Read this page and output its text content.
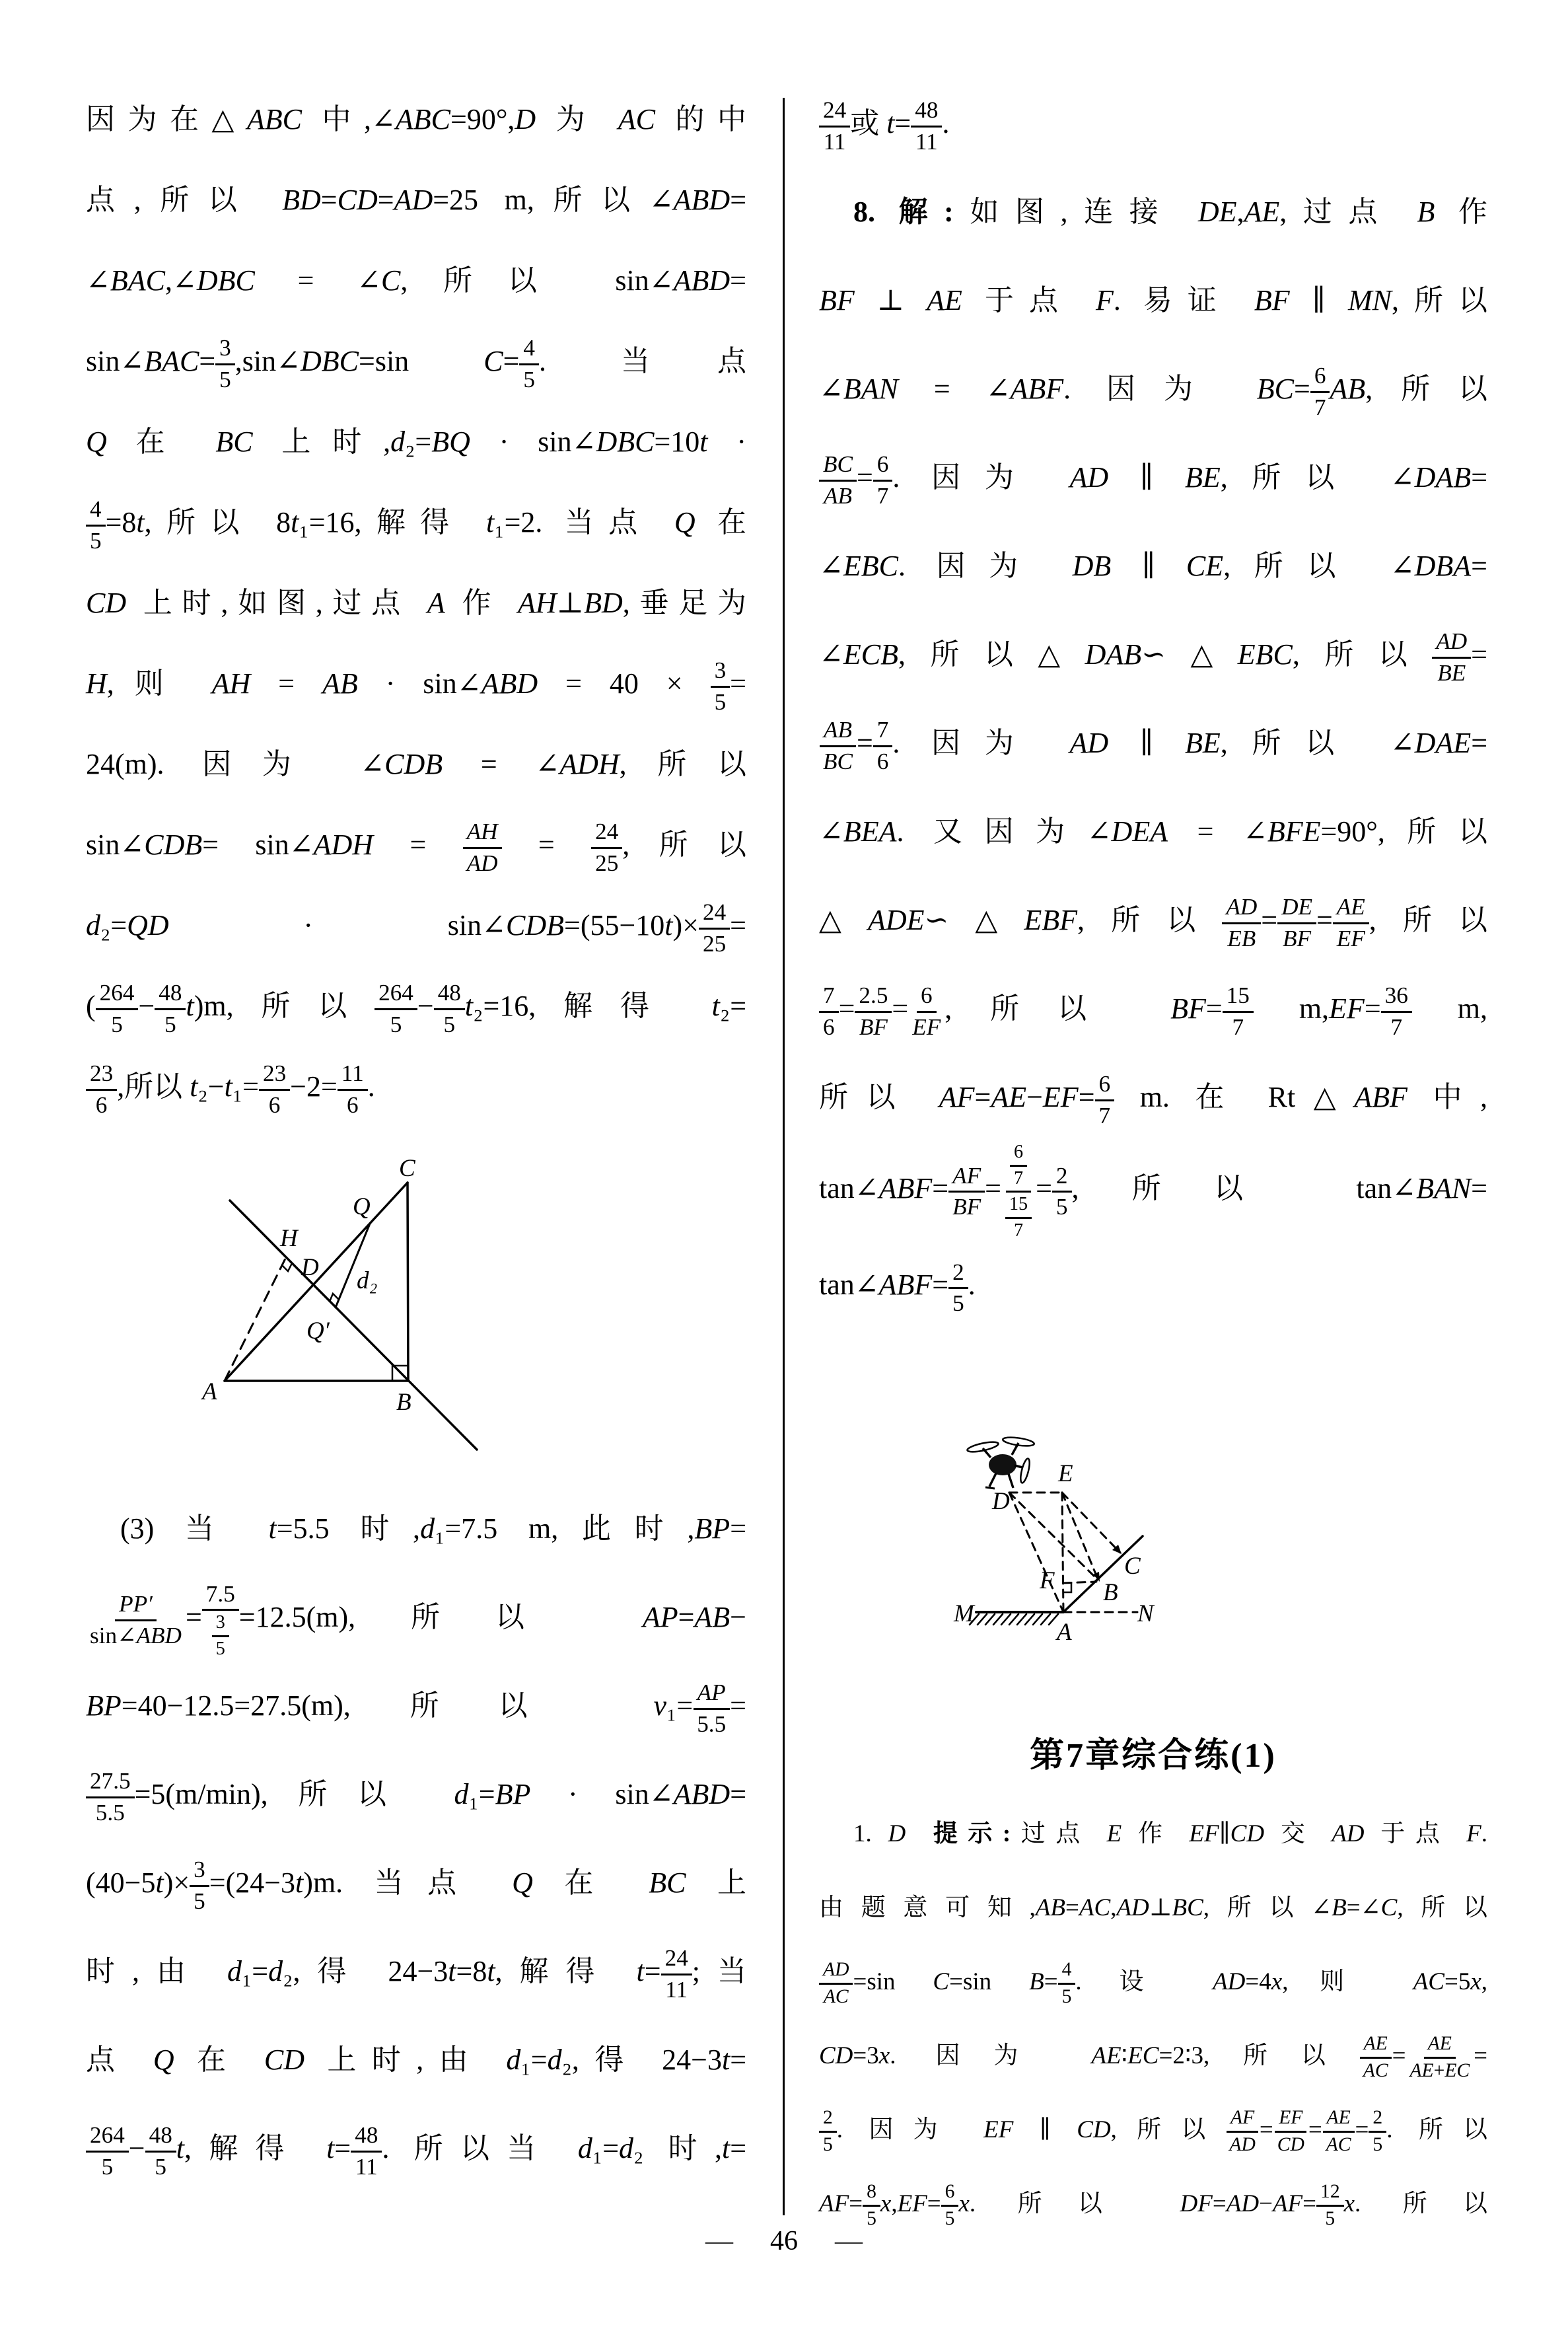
因为在△ABC 中,∠ABC=90°,D 为 AC 的中
点,所以 BD=CD=AD=25 m,所以∠ABD=
∠BAC,∠DBC = ∠C,所以 sin∠ABD=
sin∠BAC= $\frac{3}{5}$ ,sin∠DBC=sin	$C= \frac{4}{5}$ . 当点
Q 在 BC 上时,d₂=BQ · sin∠DBC=10t ·
$\frac{4}{5} =8t$,所以 8t₁=16,解得 t₁=2. 当点 Q 在
CD 上时,如图,过点 A 作 AH⊥BD,垂足为
H,则 AH = AB · sin∠ABD = $40 \times \frac{3}{5}$ =
24(m). 因为 ∠CDB = ∠ADH,所以
sin∠CDB= sin∠ADH = $\frac{AH}{AD} = \frac{24}{25}$ ,所以
d₂=QD · sin∠CDB=(55−10t)× $\frac{24}{25}$ =
( $\frac{264}{5} - \frac{48}{5} t)m$,所以 $\frac{264}{5} - \frac{48}{5} t_2=16$,解得 t₂=
$\frac{23}{6}$ ,所以 $t_2-t_1= \frac{23}{6} -2= \frac{11}{6}$ .
A	B
C
Q
H
D d₂
Q′
(3) 当 t=5.5 时,d₁=7.5 m,此时,BP=
$\frac{PP'}{\text{sin∠ABD}} = \frac{7.5}{\frac{3}{5}} =12.5(m)$,所以 AP=AB−
BP=40−12.5=27.5(m),所以 $v_1= \frac{AP}{5.5}$ =
$\frac{27.5}{5.5} =5(m/\min)$,所以 d₁=BP · sin∠ABD=
$(40-5t)\times \frac{3}{5} =(24-3t)m$. 当点 Q 在 BC 上
时,由 d₁=d₂,得 24−3t=8t,解得 $t= \frac{24}{11}$ ;当
点 Q 在 CD 上时,由 d₁=d₂,得 24−3t=
$\frac{264}{5} - \frac{48}{5} t$,解得 $t= \frac{48}{11}$ . 所以当 d₁=d₂ 时,t=
$\frac{24}{11}$ 或 $t= \frac{48}{11}$ .
8. 解:如图,连接 DE,AE,过点 B 作
BF ⊥ AE 于点 F. 易证 BF ∥ MN,所以
∠BAN = ∠ABF. 因为 $BC= \frac{6}{7}$ AB,所以
$\frac{BC}{AB} = \frac{6}{7}$ . 因为 AD ∥ BE,所以 ∠DAB=
∠EBC. 因为 DB ∥ CE,所以 ∠DBA=
∠ECB,所以△DAB∽△EBC,所以 $\frac{AD}{BE}$ =
$\frac{AB}{BC} = \frac{7}{6}$ . 因为 AD ∥ BE,所以 ∠DAE=
∠BEA. 又因为∠DEA = ∠BFE=90°,所以
△ADE∽△EBF,所以 $\frac{AD}{EB} = \frac{DE}{BF} = \frac{AE}{EF}$ ,所以
$\frac{7}{6} = \frac{2.5}{BF} = \frac{6}{EF}$ ,所以 $BF= \frac{15}{7} m,EF= \frac{36}{7} m$,
所以 $AF=AE-EF= \frac{6}{7} m$. 在 Rt△ABF 中,
tan∠ABF= $\frac{AF}{BF} = \frac{\frac{6}{7}}{\frac{15}{7}} = \frac{2}{5}$ ,所以 tan∠BAN=
tan∠ABF= $\frac{2}{5}$ .
M
A
N
D
E
F B
C
第7章综合练(1)
1. D 提示:过点 E 作 EF∥CD 交 AD 于点 F.
由题意可知,AB=AC,AD⊥BC,所以∠B=∠C,所以
$\frac{AD}{AC} =\sin$ C=sin $B= \frac{4}{5}$ . 设 AD=4x,则 AC=5x,
CD=3x. 因为 AE∶EC=2∶3,所以 $\frac{AE}{AC} = \frac{AE}{AE+EC}$ =
$\frac{2}{5}$ . 因为 EF ∥ CD,所以 $\frac{AF}{AD} = \frac{EF}{CD} = \frac{AE}{AC} = \frac{2}{5}$ . 所以
$AF= \frac{8}{5} x,EF= \frac{6}{5} x$. 所以 $DF=AD-AF= \frac{12}{5} x$. 所以
— 46 —
